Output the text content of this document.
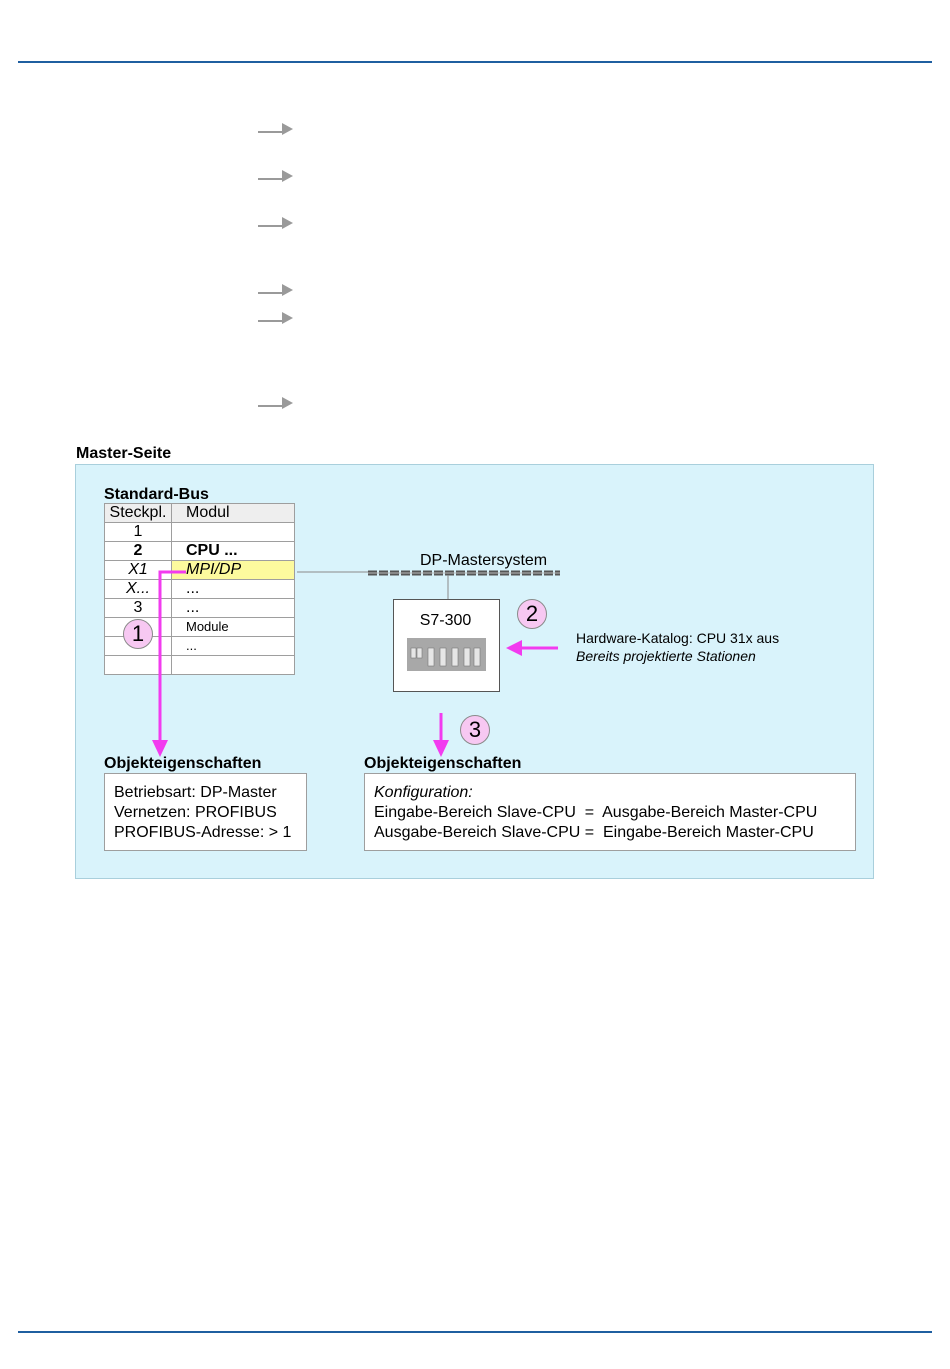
Master-Seite
Standard-Bus
Steckpl.	Modul
1	
2	CPU ...
X1	MPI/DP
X...	...
3	...
	Module
	...

DP-Mastersystem
S7-300
1
2
3
Hardware-Katalog: CPU 31x aus
Bereits projektierte Stationen
Objekteigenschaften
Betriebsart: DP-Master
Vernetzen: PROFIBUS
PROFIBUS-Adresse: > 1
Objekteigenschaften
Konfiguration:
Eingabe-Bereich Slave-CPU  =  Ausgabe-Bereich Master-CPU
Ausgabe-Bereich Slave-CPU =  Eingabe-Bereich Master-CPU
